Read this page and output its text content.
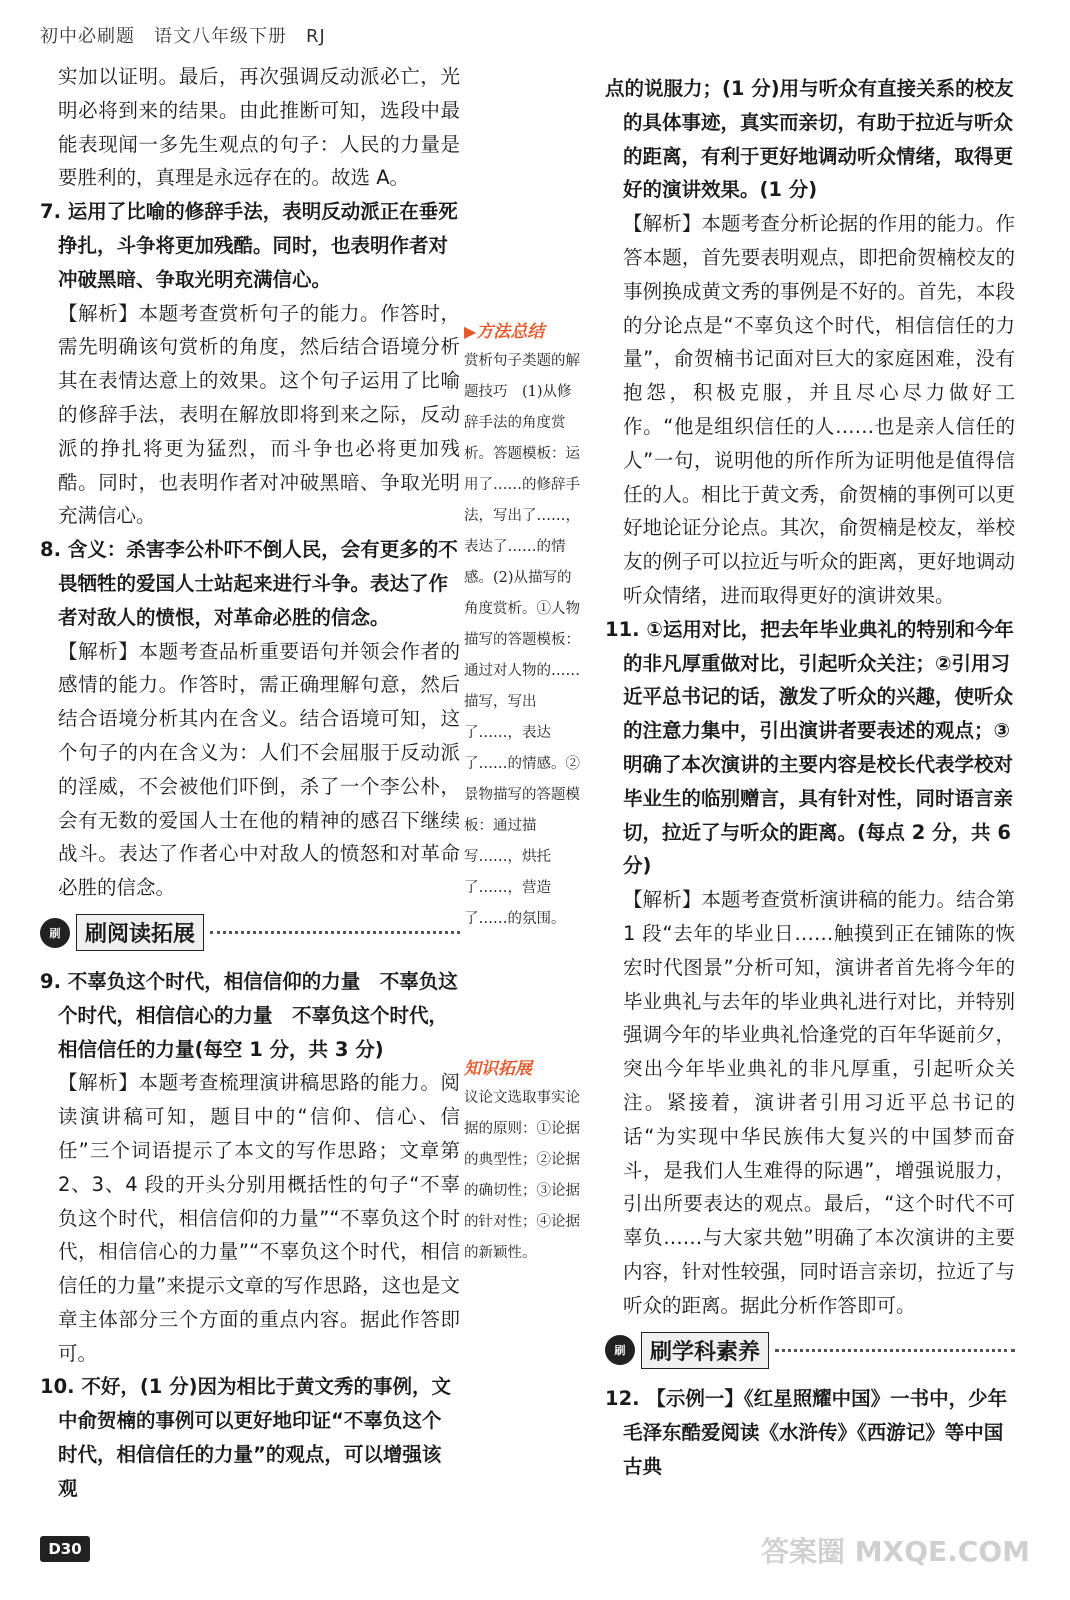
初中必刷题　语文八年级下册　RJ

实加以证明。最后，再次强调反动派必亡，光明必将到来的结果。由此推断可知，选段中最能表现闻一多先生观点的句子：人民的力量是要胜利的，真理是永远存在的。故选 A。

7. 运用了比喻的修辞手法，表明反动派正在垂死挣扎，斗争将更加残酷。同时，也表明作者对冲破黑暗、争取光明充满信心。

【解析】本题考查赏析句子的能力。作答时，需先明确该句赏析的角度，然后结合语境分析其在表情达意上的效果。这个句子运用了比喻的修辞手法，表明在解放即将到来之际，反动派的挣扎将更为猛烈，而斗争也必将更加残酷。同时，也表明作者对冲破黑暗、争取光明充满信心。

8. 含义：杀害李公朴吓不倒人民，会有更多的不畏牺牲的爱国人士站起来进行斗争。表达了作者对敌人的愤恨，对革命必胜的信念。

【解析】本题考查品析重要语句并领会作者的感情的能力。作答时，需正确理解句意，然后结合语境分析其内在含义。结合语境可知，这个句子的内在含义为：人们不会屈服于反动派的淫威，不会被他们吓倒，杀了一个李公朴，会有无数的爱国人士在他的精神的感召下继续战斗。表达了作者心中对敌人的愤怒和对革命必胜的信念。

刷	刷阅读拓展

9. 不辜负这个时代，相信信仰的力量　不辜负这个时代，相信信心的力量　不辜负这个时代，相信信任的力量(每空 1 分，共 3 分)

【解析】本题考查梳理演讲稿思路的能力。阅读演讲稿可知，题目中的“信仰、信心、信任”三个词语提示了本文的写作思路；文章第 2、3、4 段的开头分别用概括性的句子“不辜负这个时代，相信信仰的力量”“不辜负这个时代，相信信心的力量”“不辜负这个时代，相信信任的力量”来提示文章的写作思路，这也是文章主体部分三个方面的重点内容。据此作答即可。

10. 不好，(1 分)因为相比于黄文秀的事例，文中俞贺楠的事例可以更好地印证“不辜负这个时代，相信信任的力量”的观点，可以增强该观

▶方法总结
赏析句子类题的解题技巧　(1)从修辞手法的角度赏析。答题模板：运用了……的修辞手法，写出了……，表达了……的情感。(2)从描写的角度赏析。①人物描写的答题模板：通过对人物的……描写，写出了……，表达了……的情感。②景物描写的答题模板：通过描写……，烘托了……，营造了……的氛围。
知识拓展
议论文选取事实论据的原则：①论据的典型性；②论据的确切性；③论据的针对性；④论据的新颖性。

点的说服力；(1 分)用与听众有直接关系的校友的具体事迹，真实而亲切，有助于拉近与听众的距离，有利于更好地调动听众情绪，取得更好的演讲效果。(1 分)

【解析】本题考查分析论据的作用的能力。作答本题，首先要表明观点，即把俞贺楠校友的事例换成黄文秀的事例是不好的。首先，本段的分论点是“不辜负这个时代，相信信任的力量”，俞贺楠书记面对巨大的家庭困难，没有抱怨，积极克服，并且尽心尽力做好工作。“他是组织信任的人……也是亲人信任的人”一句，说明他的所作所为证明他是值得信任的人。相比于黄文秀，俞贺楠的事例可以更好地论证分论点。其次，俞贺楠是校友，举校友的例子可以拉近与听众的距离，更好地调动听众情绪，进而取得更好的演讲效果。

11. ①运用对比，把去年毕业典礼的特别和今年的非凡厚重做对比，引起听众关注；②引用习近平总书记的话，激发了听众的兴趣，使听众的注意力集中，引出演讲者要表述的观点；③明确了本次演讲的主要内容是校长代表学校对毕业生的临别赠言，具有针对性，同时语言亲切，拉近了与听众的距离。(每点 2 分，共 6 分)

【解析】本题考查赏析演讲稿的能力。结合第 1 段“去年的毕业日……触摸到正在铺陈的恢宏时代图景”分析可知，演讲者首先将今年的毕业典礼与去年的毕业典礼进行对比，并特别强调今年的毕业典礼恰逢党的百年华诞前夕，突出今年毕业典礼的非凡厚重，引起听众关注。紧接着，演讲者引用习近平总书记的话“为实现中华民族伟大复兴的中国梦而奋斗，是我们人生难得的际遇”，增强说服力，引出所要表达的观点。最后，“这个时代不可辜负……与大家共勉”明确了本次演讲的主要内容，针对性较强，同时语言亲切，拉近了与听众的距离。据此分析作答即可。

刷	刷学科素养

12. 【示例一】《红星照耀中国》一书中，少年毛泽东酷爱阅读《水浒传》《西游记》等中国古典

D30	答案圈 MXQE.COM
